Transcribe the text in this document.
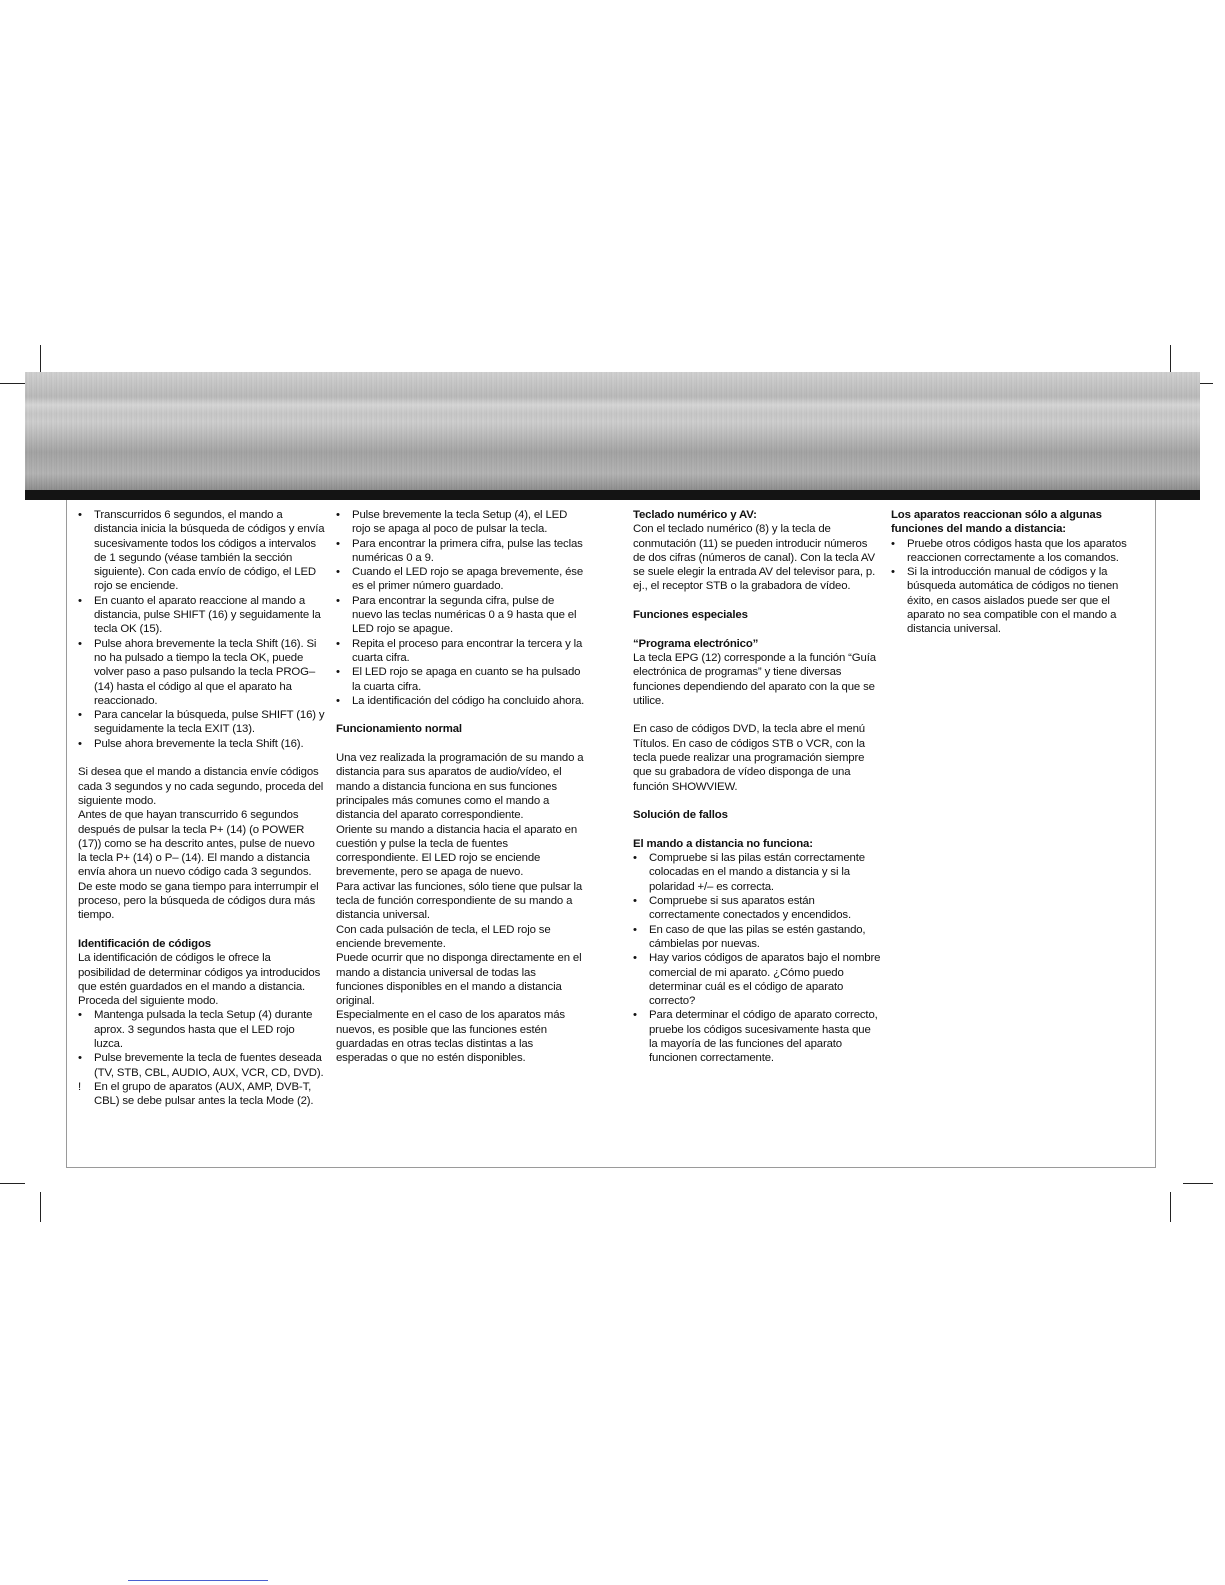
• Transcurridos 6 segundos, el mando a distancia inicia la búsqueda de códigos y envía sucesivamente todos los códigos a intervalos de 1 segundo (véase también la sección siguiente). Con cada envío de código, el LED rojo se enciende.
• En cuanto el aparato reaccione al mando a distancia, pulse SHIFT (16) y seguidamente la tecla OK (15).
• Pulse ahora brevemente la tecla Shift (16). Si no ha pulsado a tiempo la tecla OK, puede volver paso a paso pulsando la tecla PROG– (14) hasta el código al que el aparato ha reaccionado.
• Para cancelar la búsqueda, pulse SHIFT (16) y seguidamente la tecla EXIT (13).
• Pulse ahora brevemente la tecla Shift (16).

Si desea que el mando a distancia envíe códigos cada 3 segundos y no cada segundo, proceda del siguiente modo.

Antes de que hayan transcurrido 6 segundos después de pulsar la tecla P+ (14) (o POWER (17)) como se ha descrito antes, pulse de nuevo la tecla P+ (14) o P– (14). El mando a distancia envía ahora un nuevo código cada 3 segundos. De este modo se gana tiempo para interrumpir el proceso, pero la búsqueda de códigos dura más tiempo.

Identificación de códigos

La identificación de códigos le ofrece la posibilidad de determinar códigos ya introducidos que estén guardados en el mando a distancia. Proceda del siguiente modo.

• Mantenga pulsada la tecla Setup (4) durante aprox. 3 segundos hasta que el LED rojo luzca.
• Pulse brevemente la tecla de fuentes deseada (TV, STB, CBL, AUDIO, AUX, VCR, CD, DVD).
! En el grupo de aparatos (AUX, AMP, DVB-T, CBL) se debe pulsar antes la tecla Mode (2).
• Pulse brevemente la tecla Setup (4), el LED rojo se apaga al poco de pulsar la tecla.
• Para encontrar la primera cifra, pulse las teclas numéricas 0 a 9.
• Cuando el LED rojo se apaga brevemente, ése es el primer número guardado.
• Para encontrar la segunda cifra, pulse de nuevo las teclas numéricas 0 a 9 hasta que el LED rojo se apague.
• Repita el proceso para encontrar la tercera y la cuarta cifra.
• El LED rojo se apaga en cuanto se ha pulsado la cuarta cifra.
• La identificación del código ha concluido ahora.

Funcionamiento normal

Una vez realizada la programación de su mando a distancia para sus aparatos de audio/vídeo, el mando a distancia funciona en sus funciones principales más comunes como el mando a distancia del aparato correspondiente.

Oriente su mando a distancia hacia el aparato en cuestión y pulse la tecla de fuentes correspondiente. El LED rojo se enciende brevemente, pero se apaga de nuevo.

Para activar las funciones, sólo tiene que pulsar la tecla de función correspondiente de su mando a distancia universal.

Con cada pulsación de tecla, el LED rojo se enciende brevemente.

Puede ocurrir que no disponga directamente en el mando a distancia universal de todas las funciones disponibles en el mando a distancia original.

Especialmente en el caso de los aparatos más nuevos, es posible que las funciones estén guardadas en otras teclas distintas a las esperadas o que no estén disponibles.

Teclado numérico y AV:

Con el teclado numérico (8) y la tecla de conmutación (11) se pueden introducir números de dos cifras (números de canal). Con la tecla AV se suele elegir la entrada AV del televisor para, p. ej., el receptor STB o la grabadora de vídeo.

Funciones especiales

“Programa electrónico”

La tecla EPG (12) corresponde a la función “Guía electrónica de programas” y tiene diversas funciones dependiendo del aparato con la que se utilice.

En caso de códigos DVD, la tecla abre el menú Títulos. En caso de códigos STB o VCR, con la tecla puede realizar una programación siempre que su grabadora de vídeo disponga de una función SHOWVIEW.

Solución de fallos

El mando a distancia no funciona:

• Compruebe si las pilas están correctamente colocadas en el mando a distancia y si la polaridad +/– es correcta.
• Compruebe si sus aparatos están correctamente conectados y encendidos.
• En caso de que las pilas se estén gastando, cámbielas por nuevas.
• Hay varios códigos de aparatos bajo el nombre comercial de mi aparato. ¿Cómo puedo determinar cuál es el código de aparato correcto?
• Para determinar el código de aparato correcto, pruebe los códigos sucesivamente hasta que la mayoría de las funciones del aparato funcionen correctamente.

Los aparatos reaccionan sólo a algunas funciones del mando a distancia:

• Pruebe otros códigos hasta que los aparatos reaccionen correctamente a los comandos.
• Si la introducción manual de códigos y la búsqueda automática de códigos no tienen éxito, en casos aislados puede ser que el aparato no sea compatible con el mando a distancia universal.
